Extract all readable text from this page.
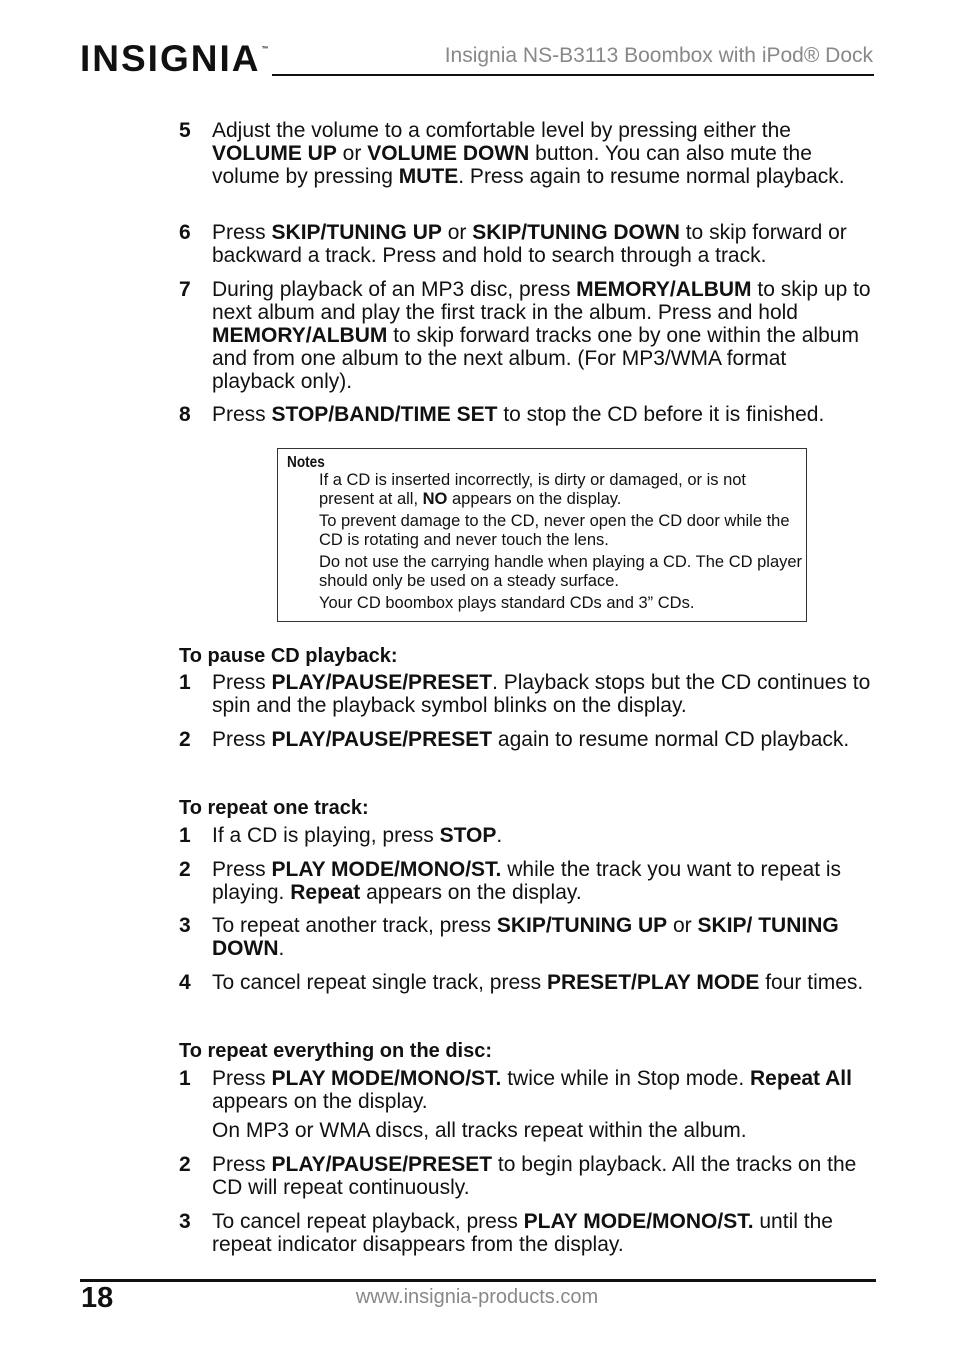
INSIGNIA™	Insignia NS-B3113 Boombox with iPod® Dock
5 Adjust the volume to a comfortable level by pressing either the VOLUME UP or VOLUME DOWN button. You can also mute the volume by pressing MUTE. Press again to resume normal playback.
6 Press SKIP/TUNING UP or SKIP/TUNING DOWN to skip forward or backward a track. Press and hold to search through a track.
7 During playback of an MP3 disc, press MEMORY/ALBUM to skip up to next album and play the first track in the album. Press and hold MEMORY/ALBUM to skip forward tracks one by one within the album and from one album to the next album. (For MP3/WMA format playback only).
8 Press STOP/BAND/TIME SET to stop the CD before it is finished.
Notes
If a CD is inserted incorrectly, is dirty or damaged, or is not present at all, NO appears on the display.
To prevent damage to the CD, never open the CD door while the CD is rotating and never touch the lens.
Do not use the carrying handle when playing a CD. The CD player should only be used on a steady surface.
Your CD boombox plays standard CDs and 3” CDs.
To pause CD playback:
1 Press PLAY/PAUSE/PRESET. Playback stops but the CD continues to spin and the playback symbol blinks on the display.
2 Press PLAY/PAUSE/PRESET again to resume normal CD playback.
To repeat one track:
1 If a CD is playing, press STOP.
2 Press PLAY MODE/MONO/ST. while the track you want to repeat is playing. Repeat appears on the display.
3 To repeat another track, press SKIP/TUNING UP or SKIP/ TUNING DOWN.
4 To cancel repeat single track, press PRESET/PLAY MODE four times.
To repeat everything on the disc:
1 Press PLAY MODE/MONO/ST. twice while in Stop mode. Repeat All appears on the display.
On MP3 or WMA discs, all tracks repeat within the album.
2 Press PLAY/PAUSE/PRESET to begin playback. All the tracks on the CD will repeat continuously.
3 To cancel repeat playback, press PLAY MODE/MONO/ST. until the repeat indicator disappears from the display.
18	www.insignia-products.com
